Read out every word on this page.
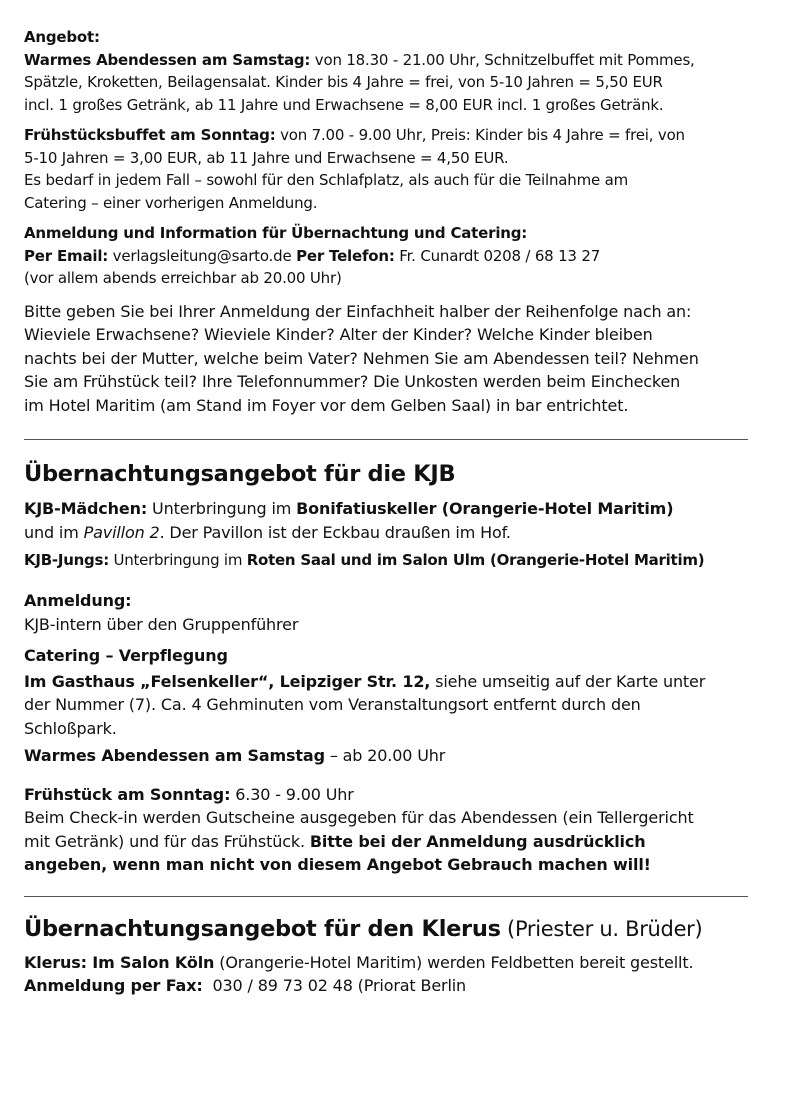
Angebot:

Warmes Abendessen am Samstag: von 18.30 - 21.00 Uhr, Schnitzelbuffet mit Pommes,
Spätzle, Kroketten, Beilagensalat. Kinder bis 4 Jahre = frei, von 5-10 Jahren = 5,50 EUR
incl. 1 großes Getränk, ab 11 Jahre und Erwachsene = 8,00 EUR incl. 1 großes Getränk.

Frühstücksbuffet am Sonntag: von 7.00 - 9.00 Uhr, Preis: Kinder bis 4 Jahre = frei, von
5-10 Jahren = 3,00 EUR, ab 11 Jahre und Erwachsene = 4,50 EUR.
Es bedarf in jedem Fall – sowohl für den Schlafplatz, als auch für die Teilnahme am
Catering – einer vorherigen Anmeldung.

Anmeldung und Information für Übernachtung und Catering:
Per Email: verlagsleitung@sarto.de Per Telefon: Fr. Cunardt 0208 / 68 13 27
(vor allem abends erreichbar ab 20.00 Uhr)

Bitte geben Sie bei Ihrer Anmeldung der Einfachheit halber der Reihenfolge nach an:
Wieviele Erwachsene? Wieviele Kinder? Alter der Kinder? Welche Kinder bleiben
nachts bei der Mutter, welche beim Vater? Nehmen Sie am Abendessen teil? Nehmen
Sie am Frühstück teil? Ihre Telefonnummer? Die Unkosten werden beim Einchecken
im Hotel Maritim (am Stand im Foyer vor dem Gelben Saal) in bar entrichtet.

Übernachtungsangebot für die KJB

KJB-Mädchen: Unterbringung im Bonifatiuskeller (Orangerie-Hotel Maritim)
und im Pavillon 2. Der Pavillon ist der Eckbau draußen im Hof.

KJB-Jungs: Unterbringung im Roten Saal und im Salon Ulm (Orangerie-Hotel Maritim)

Anmeldung:

KJB-intern über den Gruppenführer

Catering – Verpflegung

Im Gasthaus „Felsenkeller“, Leipziger Str. 12, siehe umseitig auf der Karte unter
der Nummer (7). Ca. 4 Gehminuten vom Veranstaltungsort entfernt durch den
Schloßpark.

Warmes Abendessen am Samstag – ab 20.00 Uhr

Frühstück am Sonntag: 6.30 - 9.00 Uhr
Beim Check-in werden Gutscheine ausgegeben für das Abendessen (ein Tellergericht
mit Getränk) und für das Frühstück. Bitte bei der Anmeldung ausdrücklich
angeben, wenn man nicht von diesem Angebot Gebrauch machen will!

Übernachtungsangebot für den Klerus (Priester u. Brüder)

Klerus: Im Salon Köln (Orangerie-Hotel Maritim) werden Feldbetten bereit gestellt.
Anmeldung per Fax:  030 / 89 73 02 48 (Priorat Berlin
